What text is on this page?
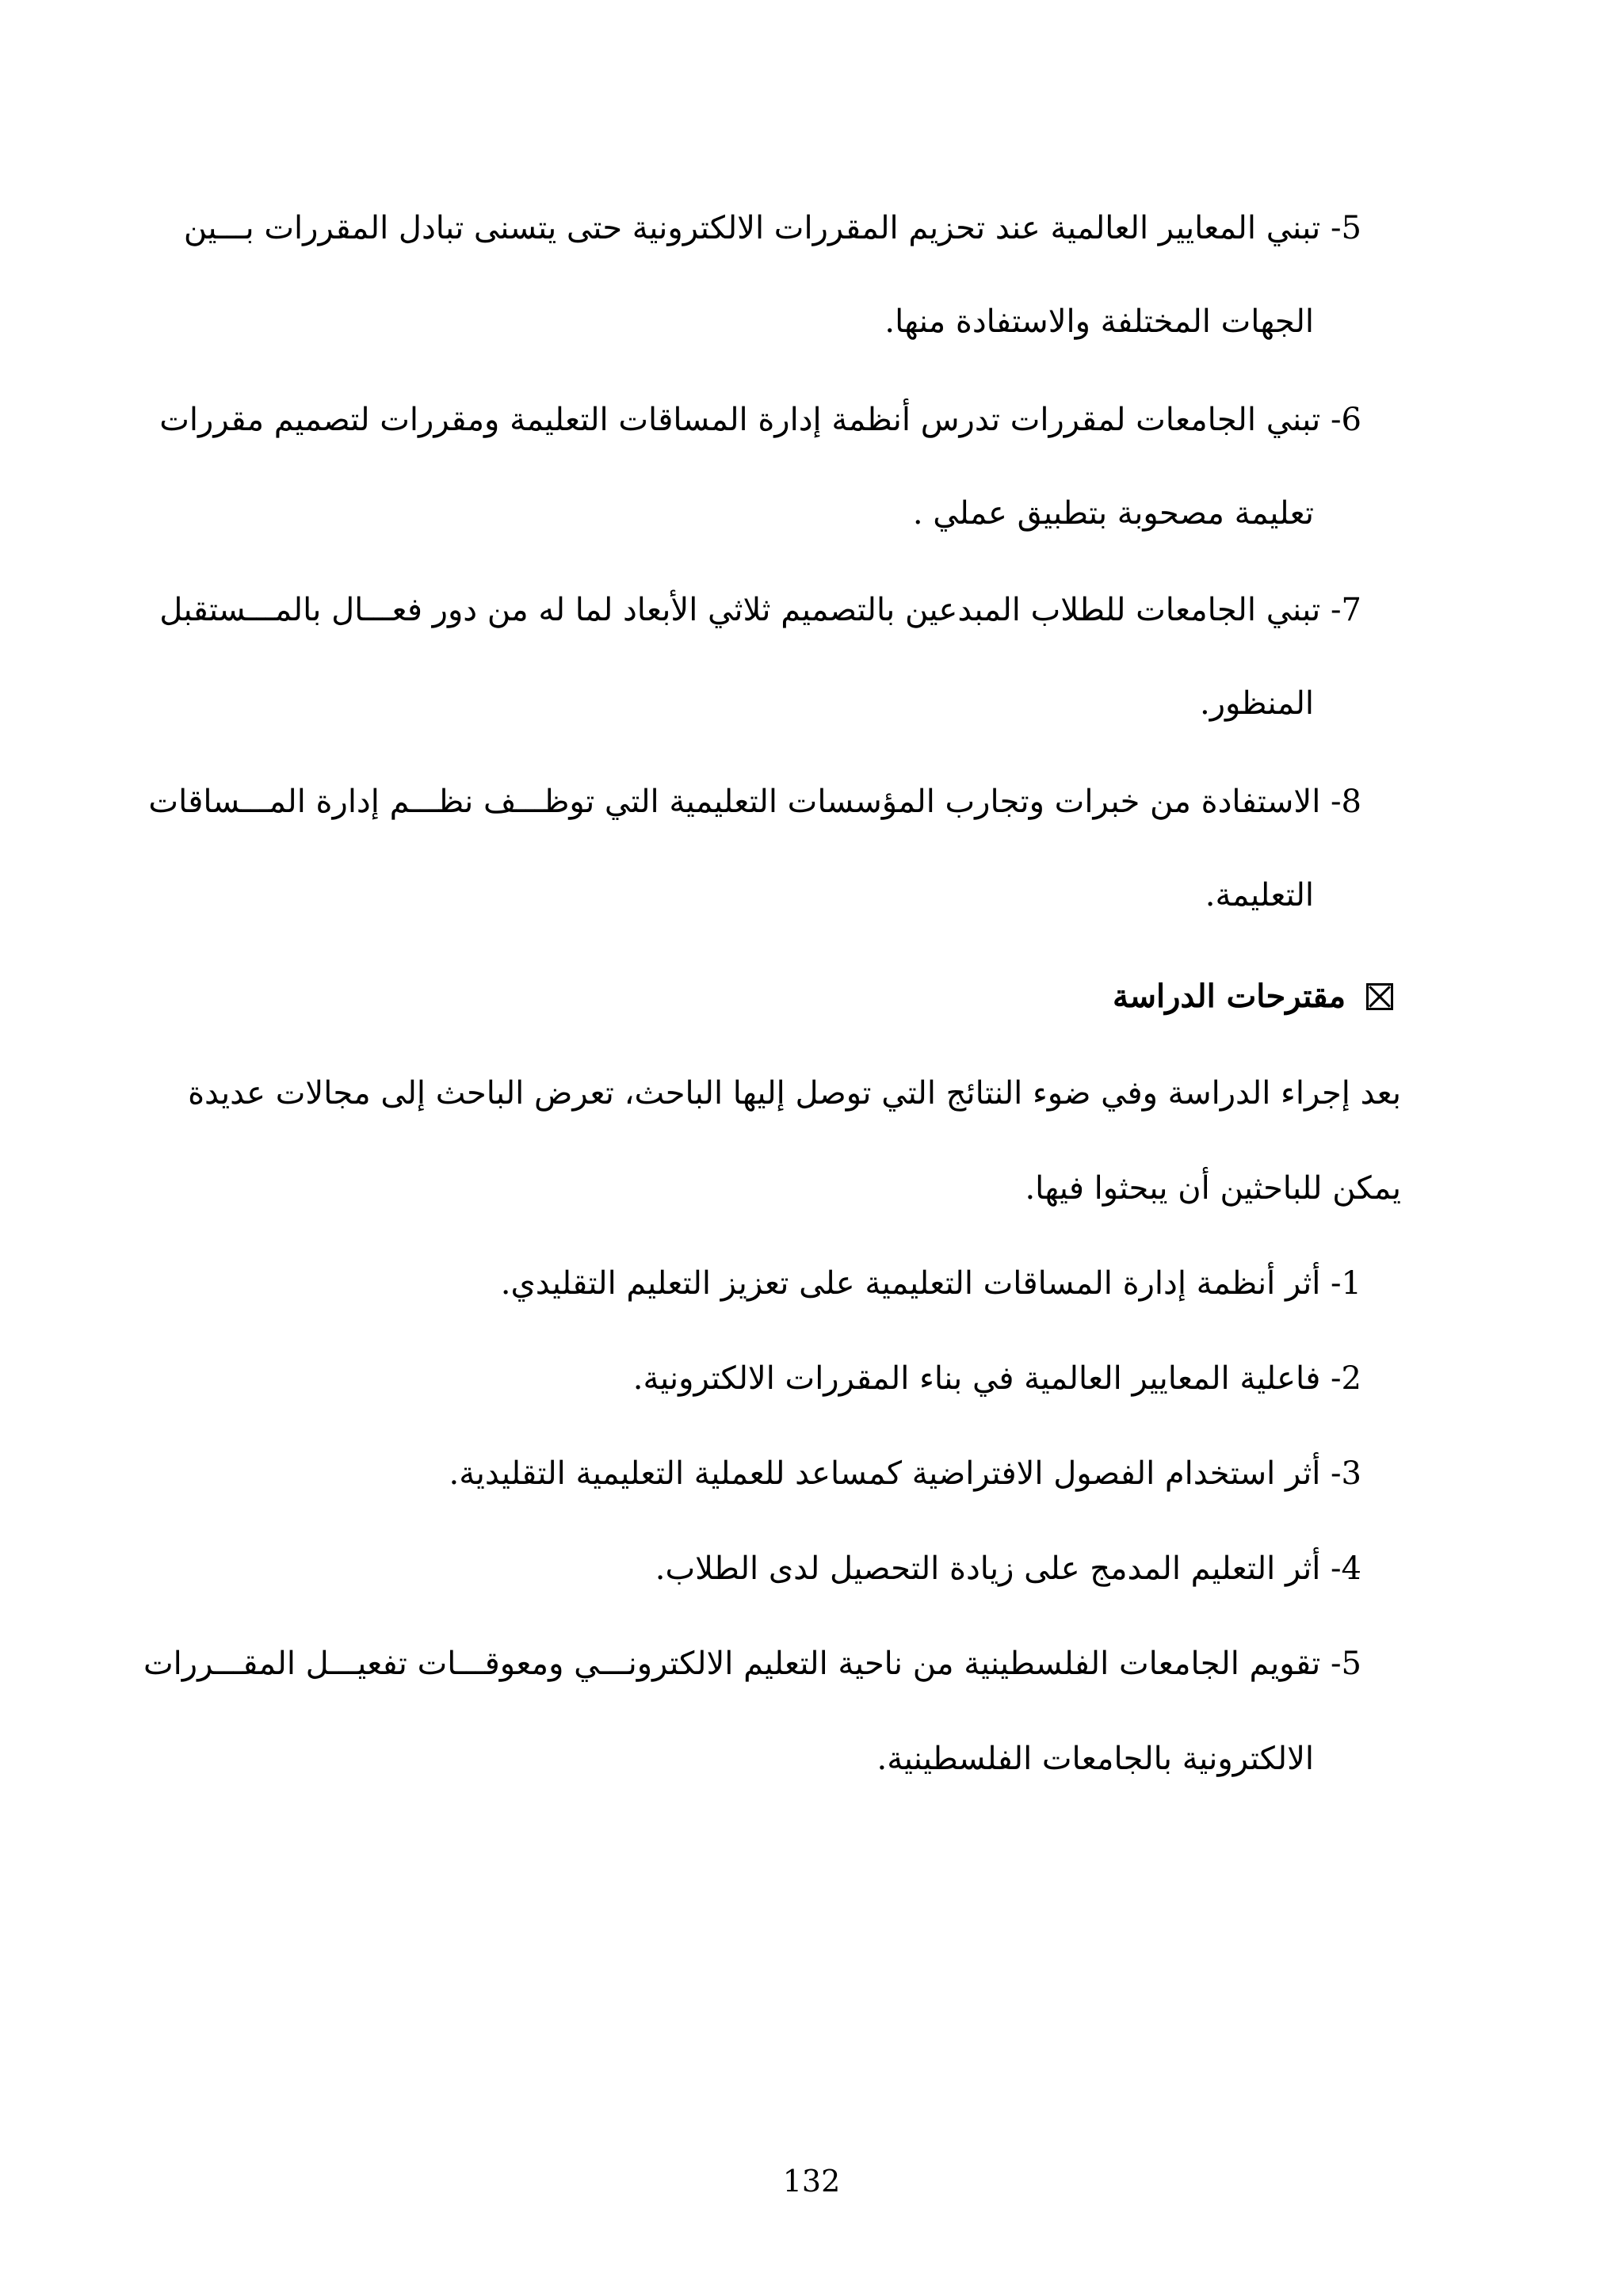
5- تبني المعايير العالمية عند تحزيم المقررات الالكترونية حتى يتسنى تبادل المقررات بـــين
الجهات المختلفة والاستفادة منها.
6- تبني الجامعات لمقررات تدرس أنظمة إدارة المساقات التعليمة ومقررات لتصميم مقررات
تعليمة مصحوبة بتطبيق عملي .
7- تبني الجامعات للطلاب المبدعين بالتصميم ثلاثي الأبعاد لما له من دور فعـــال بالمـــستقبل
المنظور.
8- الاستفادة من خبرات وتجارب المؤسسات التعليمية التي توظـــف نظـــم إدارة المـــساقات
التعليمة.
مقترحات الدراسة
بعد إجراء الدراسة وفي ضوء النتائج التي توصل إليها الباحث، تعرض الباحث إلى مجالات عديدة
يمكن للباحثين أن يبحثوا فيها.
1- أثر أنظمة إدارة المساقات التعليمية على تعزيز التعليم التقليدي.
2- فاعلية المعايير العالمية في بناء المقررات الالكترونية.
3- أثر استخدام الفصول الافتراضية كمساعد للعملية التعليمية التقليدية.
4- أثر التعليم المدمج على زيادة التحصيل لدى الطلاب.
5- تقويم الجامعات الفلسطينية من ناحية التعليم الالكترونـــي ومعوقـــات تفعيـــل المقـــررات
الالكترونية بالجامعات الفلسطينية.
132
